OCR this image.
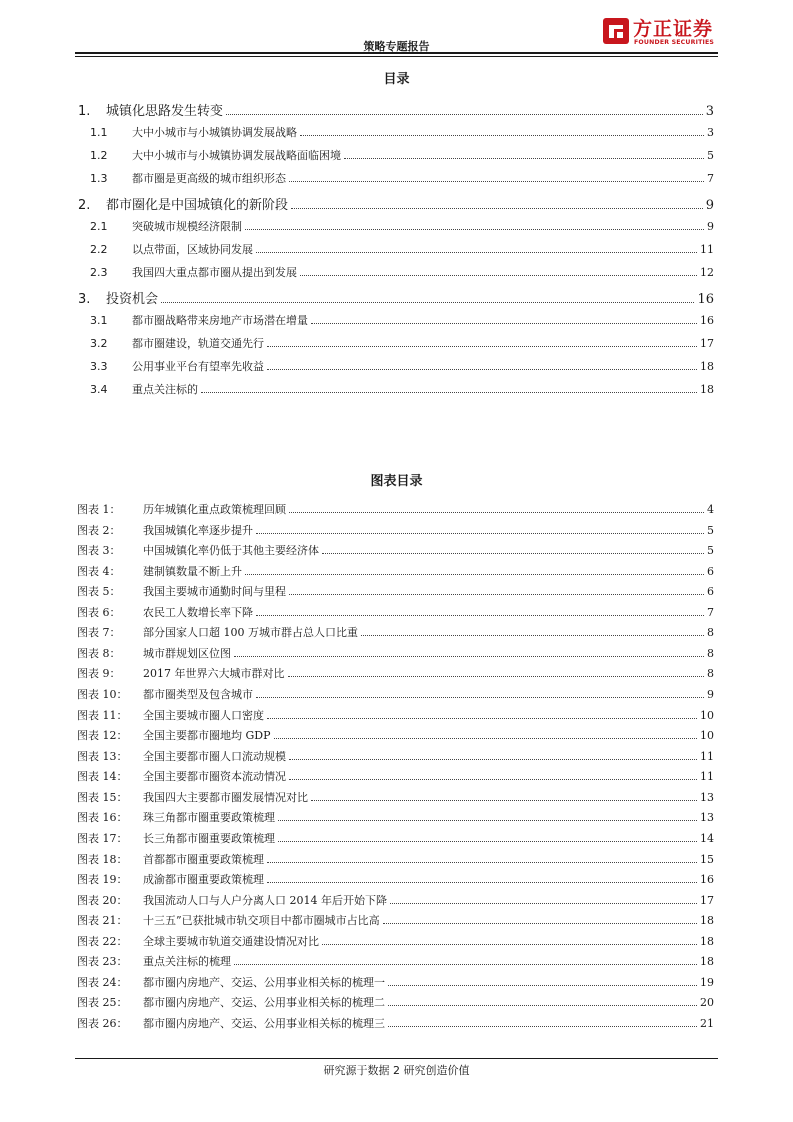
方正证券
FOUNDER SECURITIES
策略专题报告
目录
1.	城镇化思路发生转变	3
1.1	大中小城市与小城镇协调发展战略	3
1.2	大中小城市与小城镇协调发展战略面临困境	5
1.3	都市圈是更高级的城市组织形态	7
2.	都市圈化是中国城镇化的新阶段	9
2.1	突破城市规模经济限制	9
2.2	以点带面，区域协同发展	11
2.3	我国四大重点都市圈从提出到发展	12
3.	投资机会	16
3.1	都市圈战略带来房地产市场潜在增量	16
3.2	都市圈建设，轨道交通先行	17
3.3	公用事业平台有望率先收益	18
3.4	重点关注标的	18
图表目录
图表 1：	历年城镇化重点政策梳理回顾	4
图表 2：	我国城镇化率逐步提升	5
图表 3：	中国城镇化率仍低于其他主要经济体	5
图表 4：	建制镇数量不断上升	6
图表 5：	我国主要城市通勤时间与里程	6
图表 6：	农民工人数增长率下降	7
图表 7：	部分国家人口超 100 万城市群占总人口比重	8
图表 8：	城市群规划区位图	8
图表 9：	2017 年世界六大城市群对比	8
图表 10：	都市圈类型及包含城市	9
图表 11：	全国主要城市圈人口密度	10
图表 12：	全国主要都市圈地均 GDP	10
图表 13：	全国主要都市圈人口流动规模	11
图表 14：	全国主要都市圈资本流动情况	11
图表 15：	我国四大主要都市圈发展情况对比	13
图表 16：	珠三角都市圈重要政策梳理	13
图表 17：	长三角都市圈重要政策梳理	14
图表 18：	首都都市圈重要政策梳理	15
图表 19：	成渝都市圈重要政策梳理	16
图表 20：	我国流动人口与人户分离人口 2014 年后开始下降	17
图表 21：	十三五”已获批城市轨交项目中都市圈城市占比高	18
图表 22：	全球主要城市轨道交通建设情况对比	18
图表 23：	重点关注标的梳理	18
图表 24：	都市圈内房地产、交运、公用事业相关标的梳理一	19
图表 25：	都市圈内房地产、交运、公用事业相关标的梳理二	20
图表 26：	都市圈内房地产、交运、公用事业相关标的梳理三	21
研究源于数据 2 研究创造价值
